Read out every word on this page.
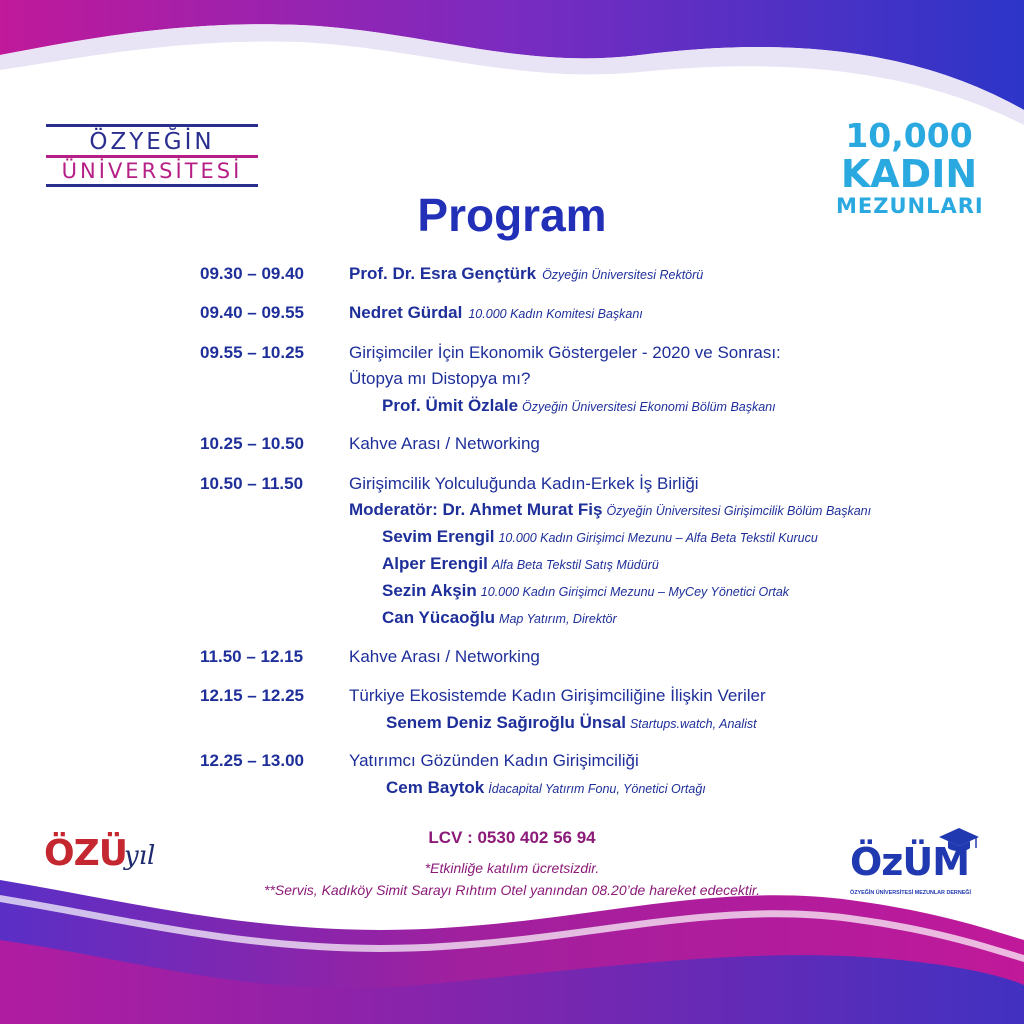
ÖZYEĞİN
ÜNİVERSİTESİ
10,000
KADIN
MEZUNLARI
Program
09.30 – 09.40	Prof. Dr. Esra Gençtürk Özyeğin Üniversitesi Rektörü
09.40 – 09.55	Nedret Gürdal 10.000 Kadın Komitesi Başkanı
09.55 – 10.25	Girişimciler İçin Ekonomik Göstergeler - 2020 ve Sonrası:
Ütopya mı Distopya mı?
Prof. Ümit Özlale Özyeğin Üniversitesi Ekonomi Bölüm Başkanı
10.25 – 10.50	Kahve Arası / Networking
10.50 – 11.50	Girişimcilik Yolculuğunda Kadın-Erkek İş Birliği
Moderatör: Dr. Ahmet Murat Fiş Özyeğin Üniversitesi Girişimcilik Bölüm Başkanı
Sevim Erengil 10.000 Kadın Girişimci Mezunu – Alfa Beta Tekstil Kurucu
Alper Erengil Alfa Beta Tekstil Satış Müdürü
Sezin Akşin 10.000 Kadın Girişimci Mezunu – MyCey Yönetici Ortak
Can Yücaoğlu Map Yatırım, Direktör
11.50 – 12.15	Kahve Arası / Networking
12.15 – 12.25	Türkiye Ekosistemde Kadın Girişimciliğine İlişkin Veriler
Senem Deniz Sağıroğlu Ünsal Startups.watch, Analist
12.25 – 13.00	Yatırımcı Gözünden Kadın Girişimciliği
Cem Baytok İdacapital Yatırım Fonu, Yönetici Ortağı
LCV : 0530 402 56 94
*Etkinliğe katılım ücretsizdir.
**Servis, Kadıköy Simit Sarayı Rıhtım Otel yanından 08.20’de hareket edecektir.
ÖZÜ
yıl	ÖzÜM
ÖZYEĞİN ÜNİVERSİTESİ MEZUNLAR DERNEĞİ
